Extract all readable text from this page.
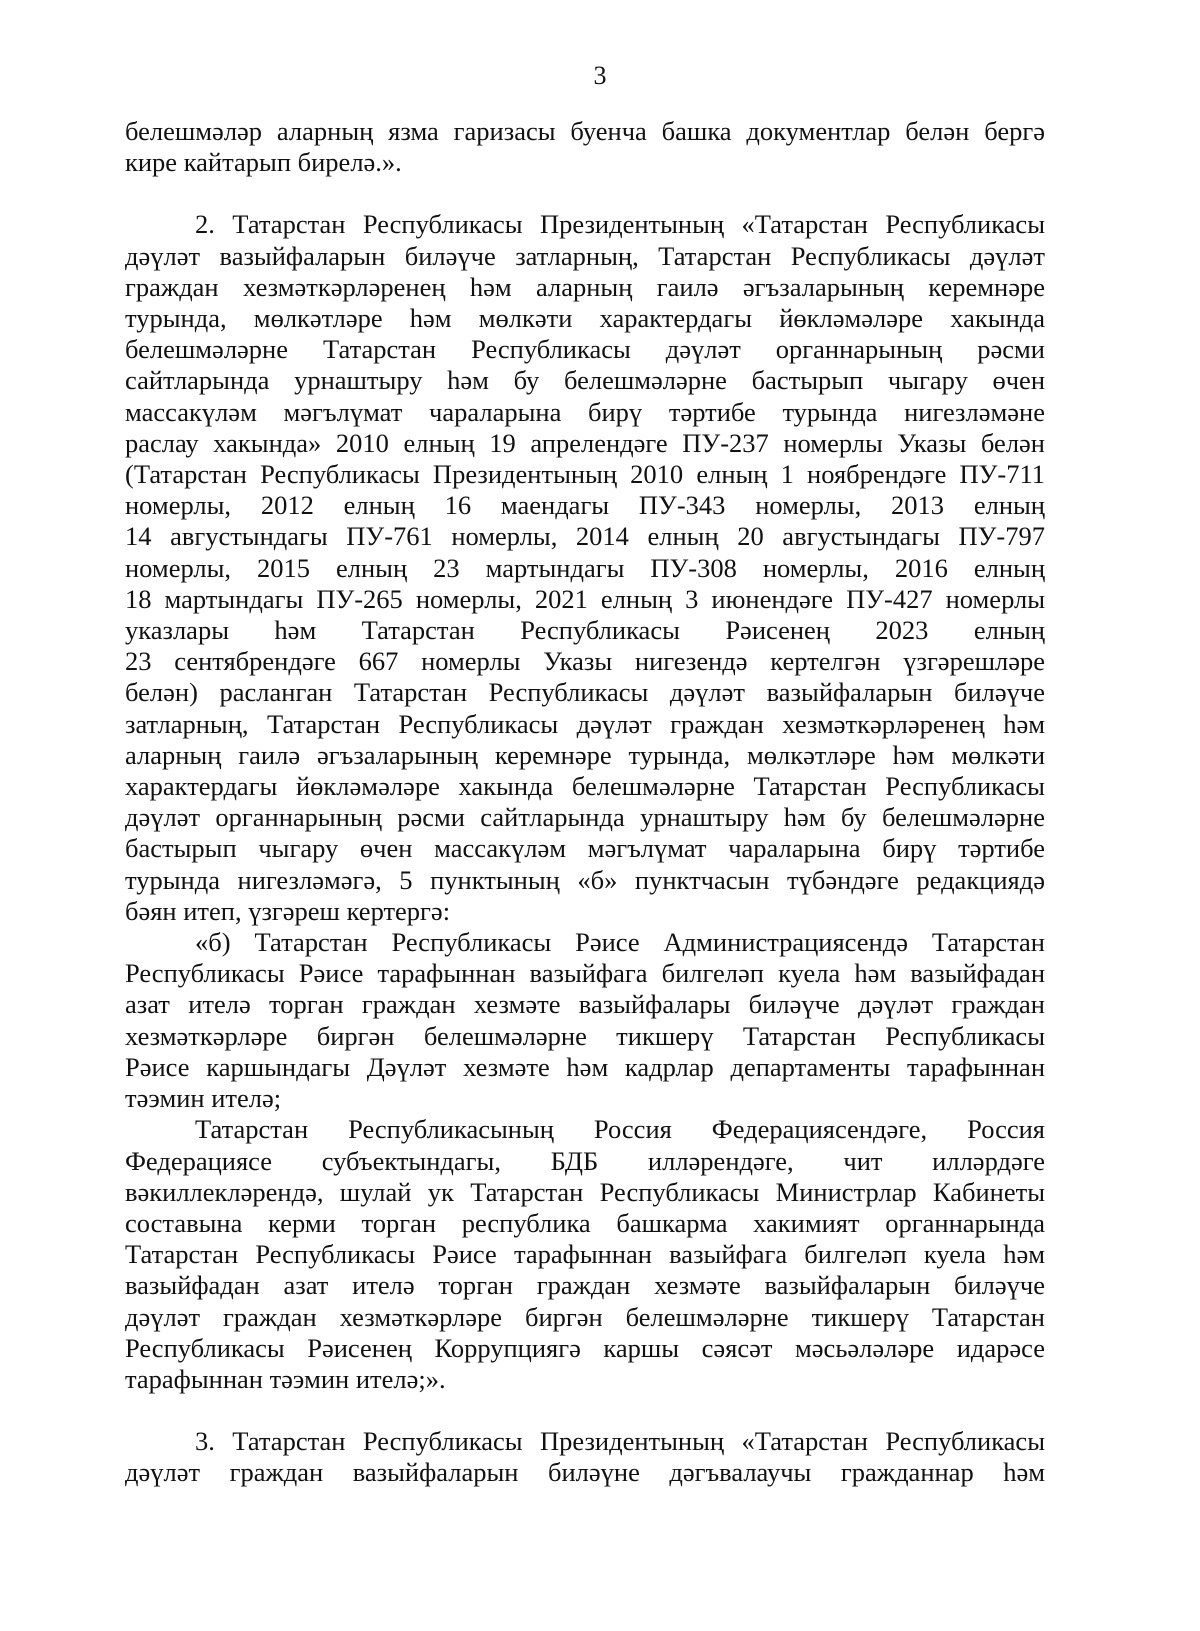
3
белешмәләр аларның язма гаризасы буенча башка документлар белән бергә
кире кайтарып бирелә.».
2. Татарстан Республикасы Президентының «Татарстан Республикасы
дәүләт вазыйфаларын биләүче затларның, Татарстан Республикасы дәүләт
граждан хезмәткәрләренең һәм аларның гаилә әгъзаларының керемнәре
турында, мөлкәтләре һәм мөлкәти характердагы йөкләмәләре хакында
белешмәләрне Татарстан Республикасы дәүләт органнарының рәсми
сайтларында урнаштыру һәм бу белешмәләрне бастырып чыгару өчен
массакүләм мәгълүмат чараларына бирү тәртибе турында нигезләмәне
раслау хакында» 2010 елның 19 апрелендәге ПУ-237 номерлы Указы белән
(Татарстан Республикасы Президентының 2010 елның 1 ноябрендәге ПУ-711
номерлы, 2012 елның 16 маендагы ПУ-343 номерлы, 2013 елның
14 августындагы ПУ-761 номерлы, 2014 елның 20 августындагы ПУ-797
номерлы, 2015 елның 23 мартындагы ПУ-308 номерлы, 2016 елның
18 мартындагы ПУ-265 номерлы, 2021 елның 3 июнендәге ПУ-427 номерлы
указлары һәм Татарстан Республикасы Рәисенең 2023 елның
23 сентябрендәге 667 номерлы Указы нигезендә кертелгән үзгәрешләре
белән) расланган Татарстан Республикасы дәүләт вазыйфаларын биләүче
затларның, Татарстан Республикасы дәүләт граждан хезмәткәрләренең һәм
аларның гаилә әгъзаларының керемнәре турында, мөлкәтләре һәм мөлкәти
характердагы йөкләмәләре хакында белешмәләрне Татарстан Республикасы
дәүләт органнарының рәсми сайтларында урнаштыру һәм бу белешмәләрне
бастырып чыгару өчен массакүләм мәгълүмат чараларына бирү тәртибе
турында нигезләмәгә, 5 пунктының «б» пунктчасын түбәндәге редакциядә
бәян итеп, үзгәреш кертергә:
«б) Татарстан Республикасы Рәисе Администрациясендә Татарстан
Республикасы Рәисе тарафыннан вазыйфага билгеләп куела һәм вазыйфадан
азат ителә торган граждан хезмәте вазыйфалары биләүче дәүләт граждан
хезмәткәрләре биргән белешмәләрне тикшерү Татарстан Республикасы
Рәисе каршындагы Дәүләт хезмәте һәм кадрлар департаменты тарафыннан
тәэмин ителә;
Татарстан Республикасының Россия Федерациясендәге, Россия
Федерациясе субъектындагы, БДБ илләрендәге, чит илләрдәге
вәкиллекләрендә, шулай ук Татарстан Республикасы Министрлар Кабинеты
составына керми торган республика башкарма хакимият органнарында
Татарстан Республикасы Рәисе тарафыннан вазыйфага билгеләп куела һәм
вазыйфадан азат ителә торган граждан хезмәте вазыйфаларын биләүче
дәүләт граждан хезмәткәрләре биргән белешмәләрне тикшерү Татарстан
Республикасы Рәисенең Коррупциягә каршы сәясәт мәсьәләләре идарәсе
тарафыннан тәэмин ителә;».
3. Татарстан Республикасы Президентының «Татарстан Республикасы
дәүләт граждан вазыйфаларын биләүне дәгъвалаучы гражданнар һәм
